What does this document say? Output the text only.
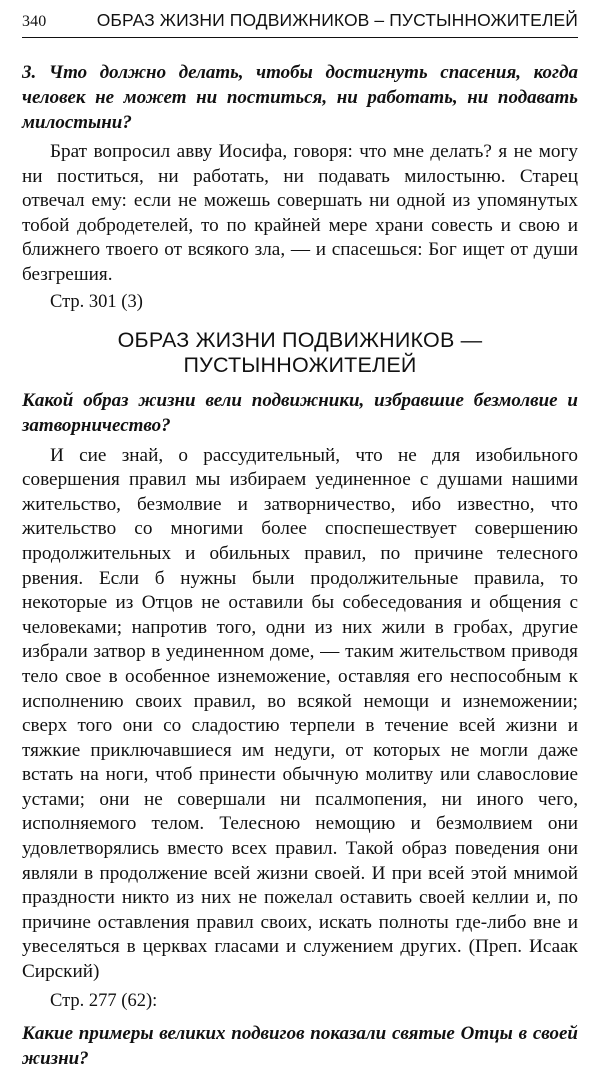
340	ОБРАЗ ЖИЗНИ ПОДВИЖНИКОВ – ПУСТЫННОЖИТЕЛЕЙ

3. Что должно делать, чтобы достигнуть спасения, когда человек не может ни поститься, ни работать, ни подавать милостыни?

Брат вопросил авву Иосифа, говоря: что мне делать? я не могу ни поститься, ни работать, ни подавать милостыню. Старец отвечал ему: если не можешь совершать ни одной из упомянутых тобой добродетелей, то по крайней мере храни совесть и свою и ближнего твоего от всякого зла, — и спасешься: Бог ищет от души безгрешия.

Стр. 301 (3)

ОБРАЗ ЖИЗНИ ПОДВИЖНИКОВ — ПУСТЫННОЖИТЕЛЕЙ

Какой образ жизни вели подвижники, избравшие безмолвие и затворничество?

И сие знай, о рассудительный, что не для изобильного совершения правил мы избираем уединенное с душами нашими жительство, безмолвие и затворничество, ибо известно, что жительство со многими более споспешествует совершению продолжительных и обильных правил, по причине телесного рвения. Если б нужны были продолжительные правила, то некоторые из Отцов не оставили бы собеседования и общения с человеками; напротив того, одни из них жили в гробах, другие избрали затвор в уединенном доме, — таким жительством приводя тело свое в особенное изнеможение, оставляя его неспособным к исполнению своих правил, во всякой немощи и изнеможении; сверх того они со сладостию терпели в течение всей жизни и тяжкие приключавшиеся им недуги, от которых не могли даже встать на ноги, чтоб принести обычную молитву или славословие устами; они не совершали ни псалмопения, ни иного чего, исполняемого телом. Телесною немощию и безмолвием они удовлетворялись вместо всех правил. Такой образ поведения они являли в продолжение всей жизни своей. И при всей этой мнимой праздности никто из них не пожелал оставить своей келлии и, по причине оставления правил своих, искать полноты где-либо вне и увеселяться в церквах гласами и служением других. (Преп. Исаак Сирский)

Стр. 277 (62):

Какие примеры великих подвигов показали святые Отцы в своей жизни?
